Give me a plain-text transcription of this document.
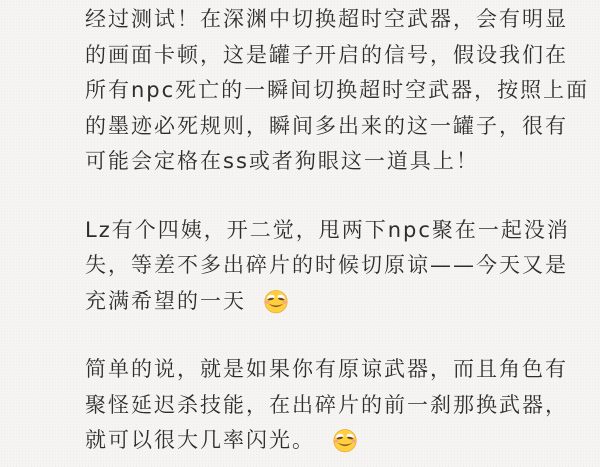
经过测试！在深渊中切换超时空武器，会有明显
的画面卡顿，这是罐子开启的信号，假设我们在
所有npc死亡的一瞬间切换超时空武器，按照上面
的墨迹必死规则，瞬间多出来的这一罐子，很有
可能会定格在ss或者狗眼这一道具上！
Lz有个四姨，开二觉，甩两下npc聚在一起没消
失，等差不多出碎片的时候切原谅——今天又是
充满希望的一天
简单的说，就是如果你有原谅武器，而且角色有
聚怪延迟杀技能，在出碎片的前一刹那换武器，
就可以很大几率闪光。
